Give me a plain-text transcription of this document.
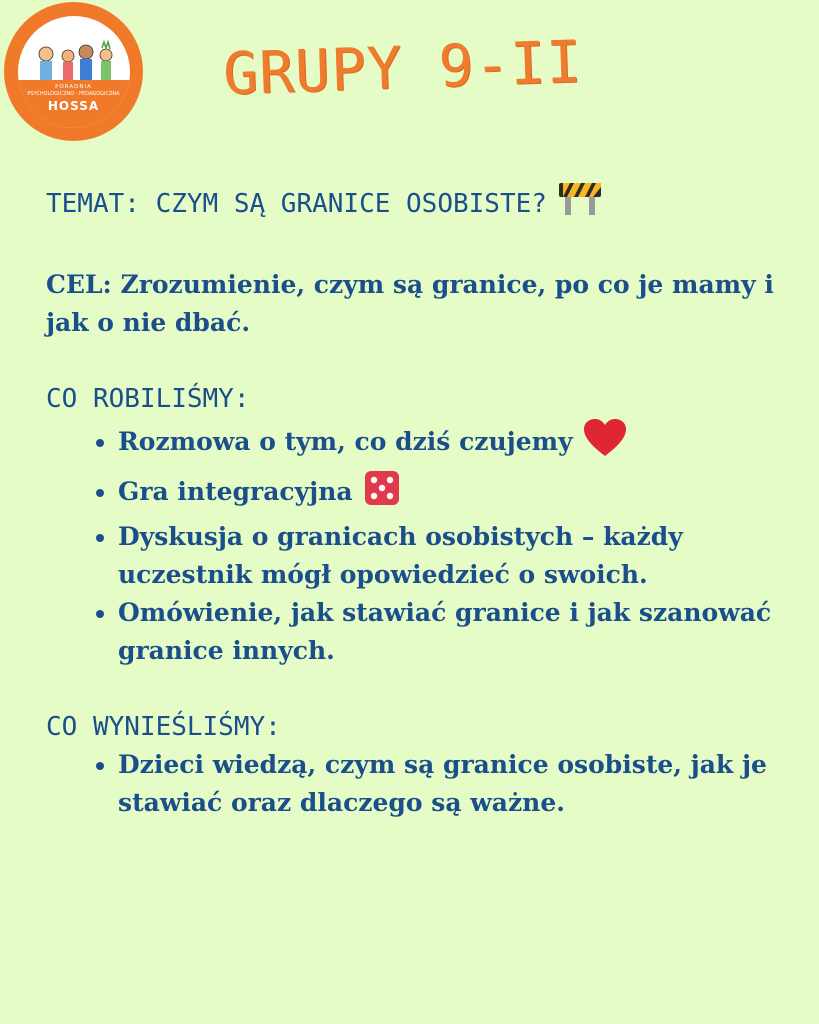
PORADNIA
PSYCHOLOGICZNO - PEDAGOGICZNA
HOSSA GRUPY 9-II

TEMAT: CZYM SĄ GRANICE OSOBISTE?

CEL: Zrozumienie, czym są granice, po co je mamy i jak o nie dbać.

CO ROBILIŚMY:

• Rozmowa o tym, co dziś czujemy
• Gra integracyjna
• Dyskusja o granicach osobistych – każdy uczestnik mógł opowiedzieć o swoich.
• Omówienie, jak stawiać granice i jak szanować granice innych.

CO WYNIEŚLIŚMY:

• Dzieci wiedzą, czym są granice osobiste, jak je stawiać oraz dlaczego są ważne.
